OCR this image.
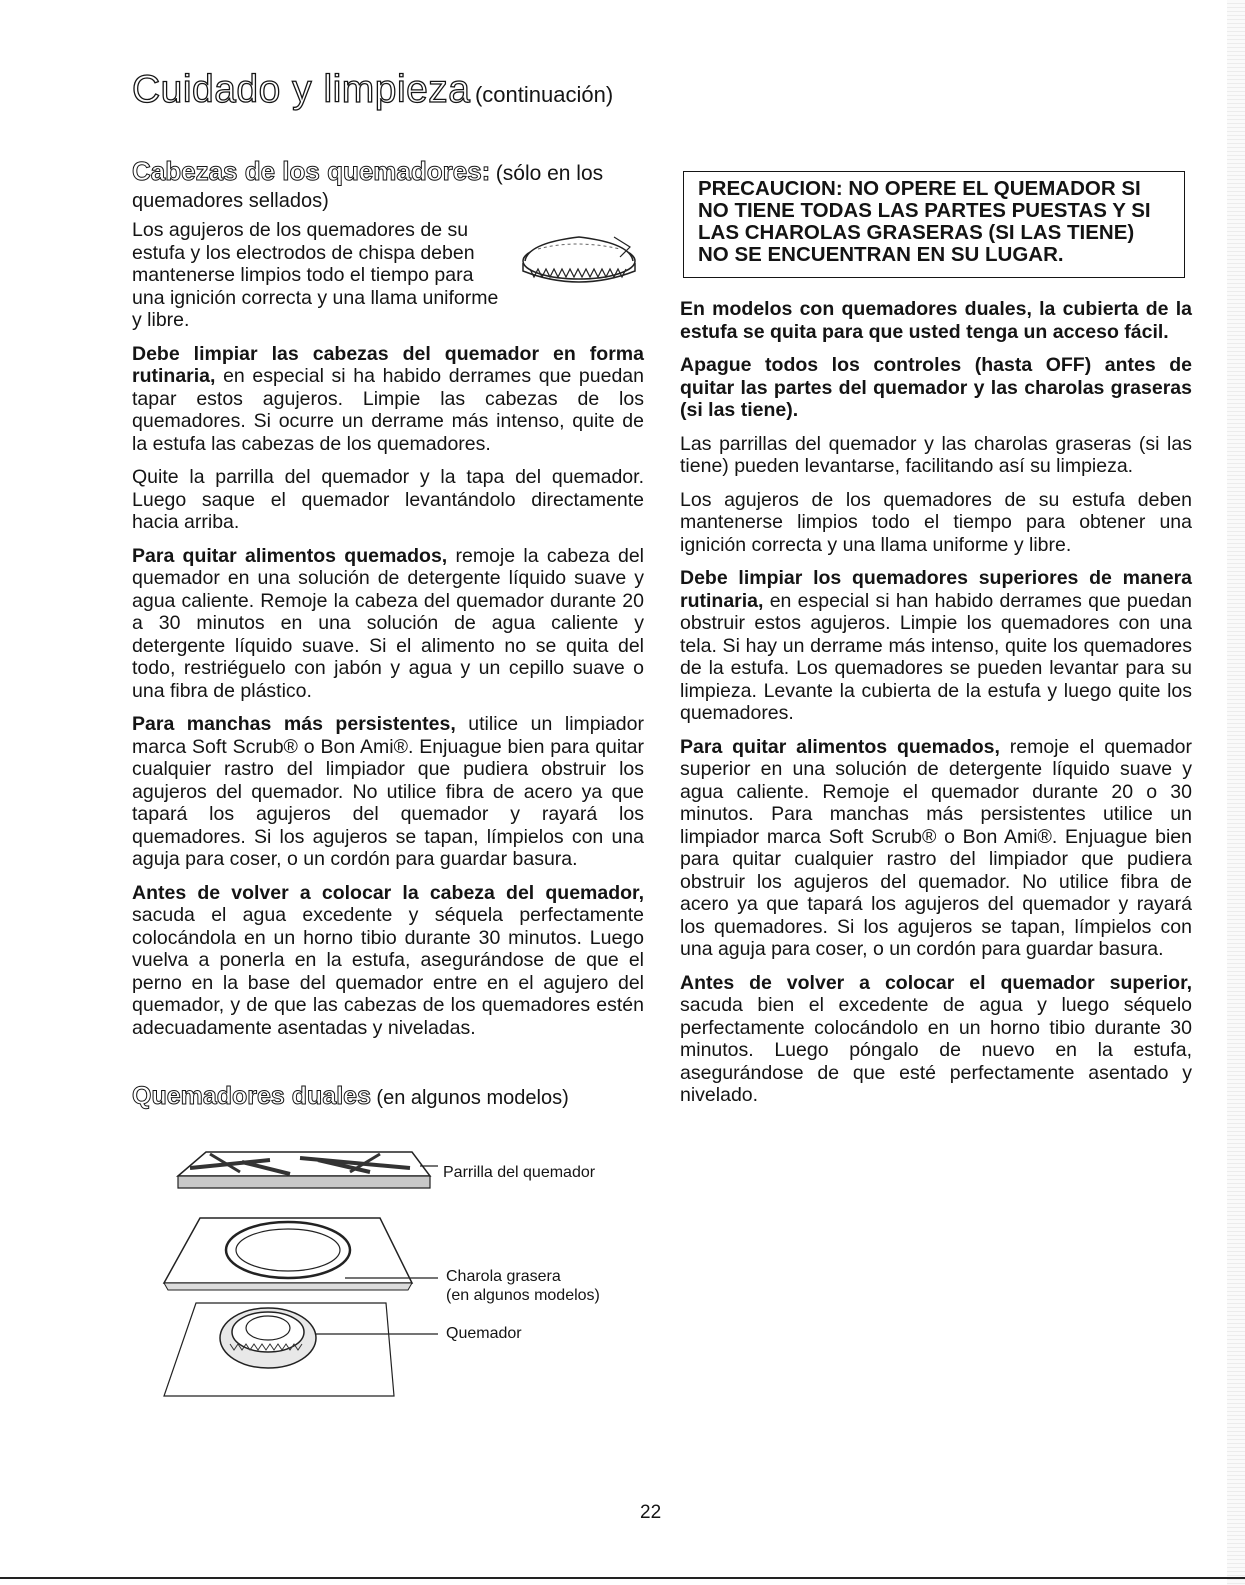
Cuidado y limpieza (continuación)
Cabezas de los quemadores: (sólo en los

quemadores sellados)

Los agujeros de los quemadores de su estufa y los electrodos de chispa deben mantenerse limpios todo el tiempo para una ignición correcta y una llama uniforme y libre.

Debe limpiar las cabezas del quemador en forma rutinaria, en especial si ha habido derrames que puedan tapar estos agujeros. Limpie las cabezas de los quemadores. Si ocurre un derrame más intenso, quite de la estufa las cabezas de los quemadores.

Quite la parrilla del quemador y la tapa del quemador. Luego saque el quemador levantándolo directamente hacia arriba.

Para quitar alimentos quemados, remoje la cabeza del quemador en una solución de detergente líquido suave y agua caliente. Remoje la cabeza del quemador durante 20 a 30 minutos en una solución de agua caliente y detergente líquido suave. Si el alimento no se quita del todo, restriéguelo con jabón y agua y un cepillo suave o una fibra de plástico.

Para manchas más persistentes, utilice un limpiador marca Soft Scrub® o Bon Ami®. Enjuague bien para quitar cualquier rastro del limpiador que pudiera obstruir los agujeros del quemador. No utilice fibra de acero ya que tapará los agujeros del quemador y rayará los quemadores. Si los agujeros se tapan, límpielos con una aguja para coser, o un cordón para guardar basura.

Antes de volver a colocar la cabeza del quemador, sacuda el agua excedente y séquela perfectamente colocándola en un horno tibio durante 30 minutos. Luego vuelva a ponerla en la estufa, asegurándose de que el perno en la base del quemador entre en el agujero del quemador, y de que las cabezas de los quemadores estén adecuadamente asentadas y niveladas.

Quemadores duales (en algunos modelos)
Parrilla del quemador
Charola grasera
(en algunos modelos)
Quemador
PRECAUCION: NO OPERE EL QUEMADOR SI NO TIENE TODAS LAS PARTES PUESTAS Y SI LAS CHAROLAS GRASERAS (SI LAS TIENE) NO SE ENCUENTRAN EN SU LUGAR.

En modelos con quemadores duales, la cubierta de la estufa se quita para que usted tenga un acceso fácil.

Apague todos los controles (hasta OFF) antes de quitar las partes del quemador y las charolas graseras (si las tiene).

Las parrillas del quemador y las charolas graseras (si las tiene) pueden levantarse, facilitando así su limpieza.

Los agujeros de los quemadores de su estufa deben mantenerse limpios todo el tiempo para obtener una ignición correcta y una llama uniforme y libre.

Debe limpiar los quemadores superiores de manera rutinaria, en especial si han habido derrames que puedan obstruir estos agujeros. Limpie los quemadores con una tela. Si hay un derrame más intenso, quite los quemadores de la estufa. Los quemadores se pueden levantar para su limpieza. Levante la cubierta de la estufa y luego quite los quemadores.

Para quitar alimentos quemados, remoje el quemador superior en una solución de detergente líquido suave y agua caliente. Remoje el quemador durante 20 o 30 minutos. Para manchas más persistentes utilice un limpiador marca Soft Scrub® o Bon Ami®. Enjuague bien para quitar cualquier rastro del limpiador que pudiera obstruir los agujeros del quemador. No utilice fibra de acero ya que tapará los agujeros del quemador y rayará los quemadores. Si los agujeros se tapan, límpielos con una aguja para coser, o un cordón para guardar basura.

Antes de volver a colocar el quemador superior, sacuda bien el excedente de agua y luego séquelo perfectamente colocándolo en un horno tibio durante 30 minutos. Luego póngalo de nuevo en la estufa, asegurándose de que esté perfectamente asentado y nivelado.

22
